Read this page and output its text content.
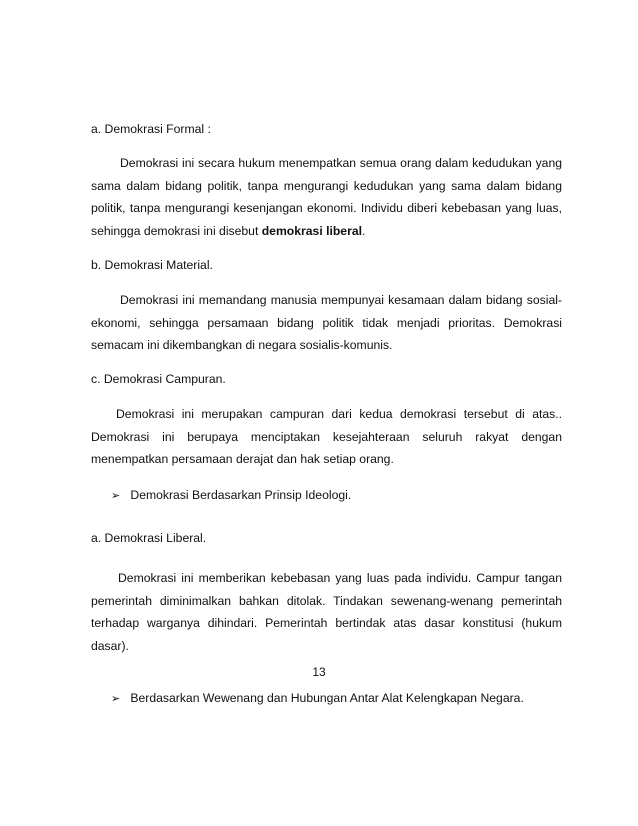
a. Demokrasi Formal :
Demokrasi ini secara hukum menempatkan semua orang dalam kedudukan yang sama dalam bidang politik, tanpa mengurangi kedudukan yang sama dalam bidang politik, tanpa mengurangi kesenjangan ekonomi. Individu diberi kebebasan yang luas, sehingga demokrasi ini disebut demokrasi liberal.
b. Demokrasi Material.
Demokrasi ini memandang manusia mempunyai kesamaan dalam bidang sosial-ekonomi, sehingga persamaan bidang politik tidak menjadi prioritas. Demokrasi semacam ini dikembangkan di negara sosialis-komunis.
c. Demokrasi Campuran.
Demokrasi ini merupakan campuran dari kedua demokrasi tersebut di atas.. Demokrasi ini berupaya menciptakan kesejahteraan seluruh rakyat dengan menempatkan persamaan derajat dan hak setiap orang.
➢ Demokrasi Berdasarkan Prinsip Ideologi.
a. Demokrasi Liberal.
Demokrasi ini memberikan kebebasan yang luas pada individu. Campur tangan pemerintah diminimalkan bahkan ditolak. Tindakan sewenang-wenang pemerintah terhadap warganya dihindari. Pemerintah bertindak atas dasar konstitusi (hukum dasar).
13
➢ Berdasarkan Wewenang dan Hubungan Antar Alat Kelengkapan Negara.
